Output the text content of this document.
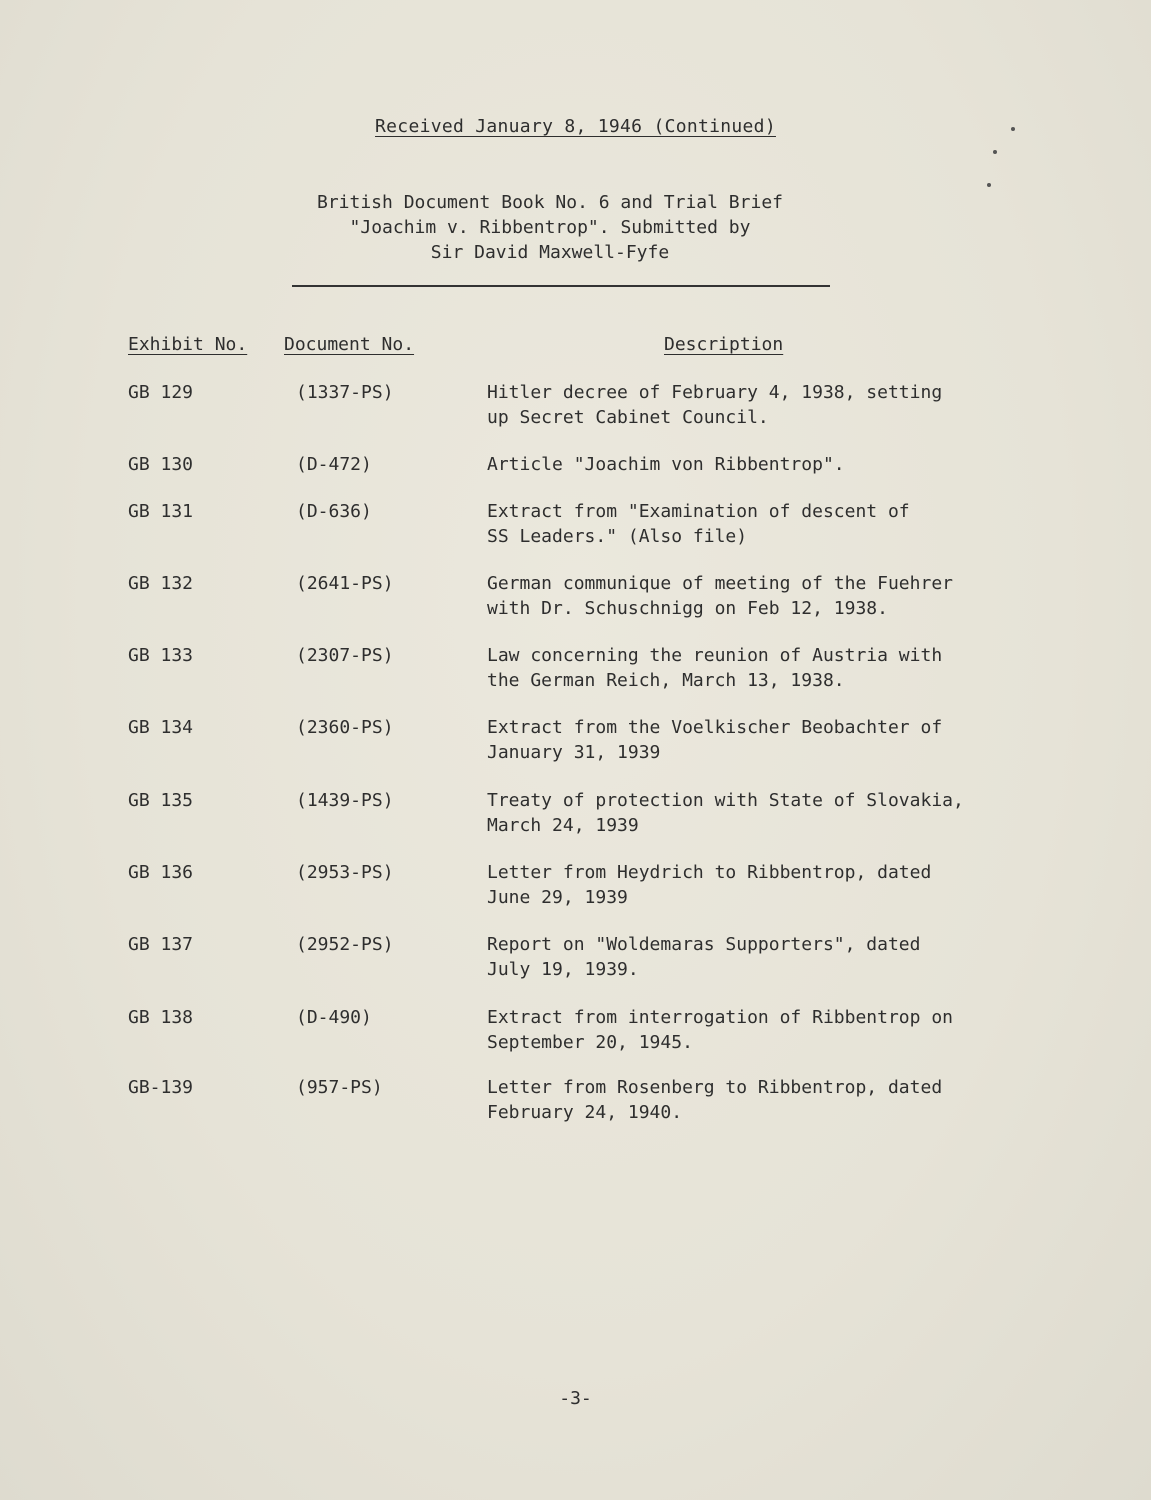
Received January 8, 1946 (Continued)
British Document Book No. 6 and Trial Brief
"Joachim v. Ribbentrop". Submitted by
Sir David Maxwell-Fyfe
Exhibit No. Document No.	Description
GB 129	(1337-PS)	Hitler decree of February 4, 1938, setting
up Secret Cabinet Council.
GB 130	(D-472)	Article "Joachim von Ribbentrop".
GB 131	(D-636)	Extract from "Examination of descent of
SS Leaders." (Also file)
GB 132	(2641-PS)	German communique of meeting of the Fuehrer
with Dr. Schuschnigg on Feb 12, 1938.
GB 133	(2307-PS)	Law concerning the reunion of Austria with
the German Reich, March 13, 1938.
GB 134	(2360-PS)	Extract from the Voelkischer Beobachter of
January 31, 1939
GB 135	(1439-PS)	Treaty of protection with State of Slovakia,
March 24, 1939
GB 136	(2953-PS)	Letter from Heydrich to Ribbentrop, dated
June 29, 1939
GB 137	(2952-PS)	Report on "Woldemaras Supporters", dated
July 19, 1939.
GB 138	(D-490)	Extract from interrogation of Ribbentrop on
September 20, 1945.
GB-139	(957-PS)	Letter from Rosenberg to Ribbentrop, dated
February 24, 1940.
-3-
